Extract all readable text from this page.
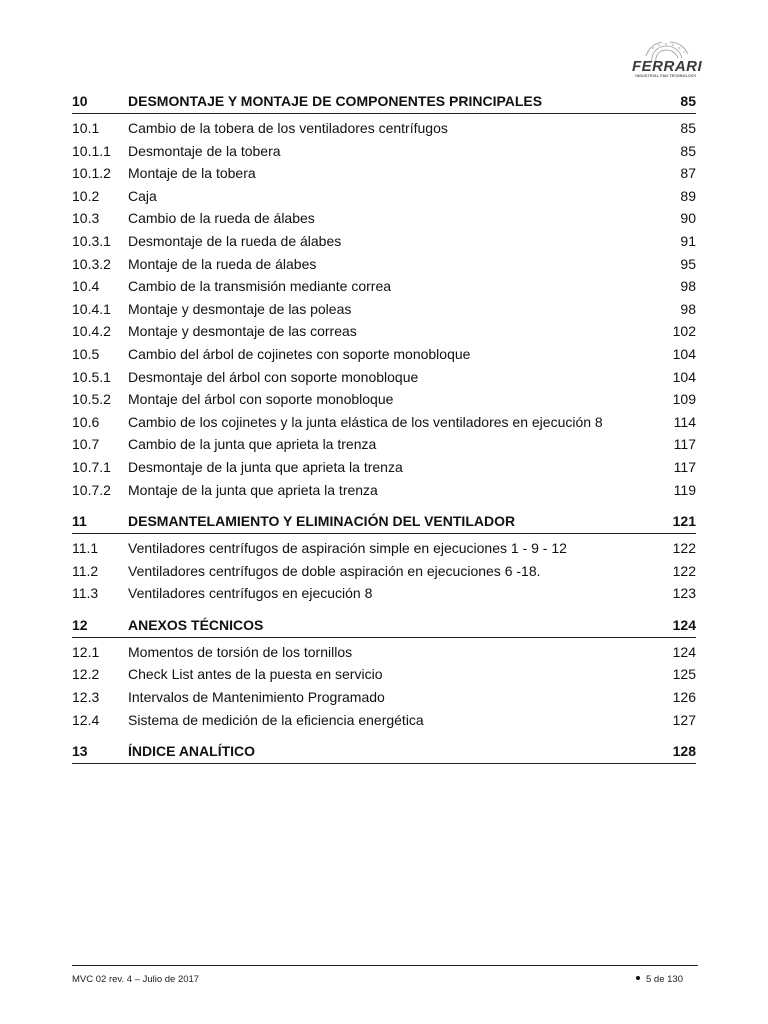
FERRARI
INDUSTRIAL FAN TECHNOLOGY
10	DESMONTAJE Y MONTAJE DE COMPONENTES PRINCIPALES	85
10.1	Cambio de la tobera de los ventiladores centrífugos	85
10.1.1	Desmontaje de la tobera	85
10.1.2	Montaje de la tobera	87
10.2	Caja	89
10.3	Cambio de la rueda de álabes	90
10.3.1	Desmontaje de la rueda de álabes	91
10.3.2	Montaje de la rueda de álabes	95
10.4	Cambio de la transmisión mediante correa	98
10.4.1	Montaje y desmontaje de las poleas	98
10.4.2	Montaje y desmontaje de las correas	102
10.5	Cambio del árbol de cojinetes con soporte monobloque	104
10.5.1	Desmontaje del árbol con soporte monobloque	104
10.5.2	Montaje del árbol con soporte monobloque	109
10.6	Cambio de los cojinetes y la junta elástica de los ventiladores en ejecución 8	114
10.7	Cambio de la junta que aprieta la trenza	117
10.7.1	Desmontaje de la junta que aprieta la trenza	117
10.7.2	Montaje de la junta que aprieta la trenza	119
11	DESMANTELAMIENTO Y ELIMINACIÓN DEL VENTILADOR	121
11.1	Ventiladores centrífugos de aspiración simple en ejecuciones 1 - 9 - 12	122
11.2	Ventiladores centrífugos de doble aspiración en ejecuciones 6 -18.	122
11.3	Ventiladores centrífugos en ejecución 8	123
12	ANEXOS TÉCNICOS	124
12.1	Momentos de torsión de los tornillos	124
12.2	Check List antes de la puesta en servicio	125
12.3	Intervalos de Mantenimiento Programado	126
12.4	Sistema de medición de la eficiencia energética	127
13	ÍNDICE ANALÍTICO	128
MVC 02 rev. 4 – Julio de 2017	5 de 130
